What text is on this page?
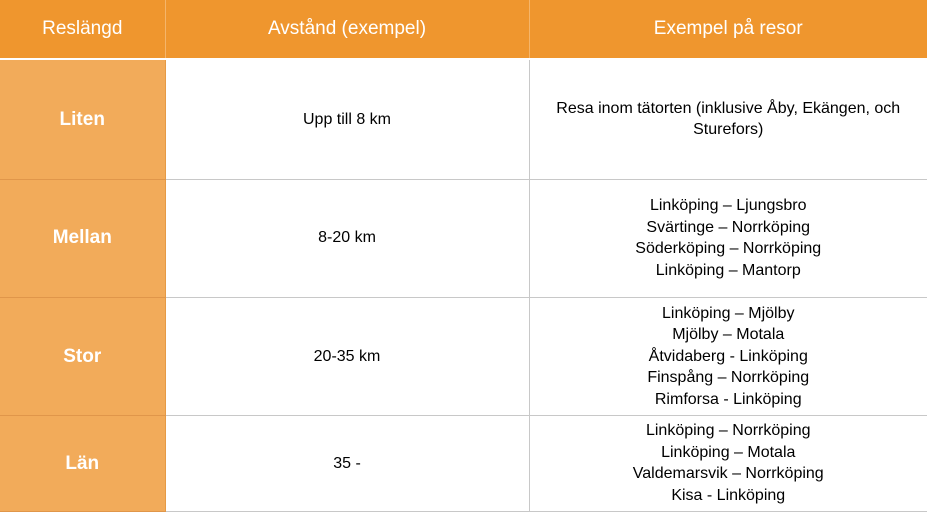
Reslängd	Avstånd (exempel)	Exempel på resor
Liten	Upp till 8 km	Resa inom tätorten (inklusive Åby, Ekängen, och Sturefors)

Mellan	8-20 km	Linköping – Ljungsbro
Svärtinge – Norrköping
Söderköping – Norrköping
Linköping – Mantorp

Stor	20-35 km	Linköping – Mjölby
Mjölby – Motala
Åtvidaberg - Linköping
Finspång – Norrköping
Rimforsa - Linköping

Län	35 -	Linköping – Norrköping
Linköping – Motala
Valdemarsvik – Norrköping
Kisa - Linköping
